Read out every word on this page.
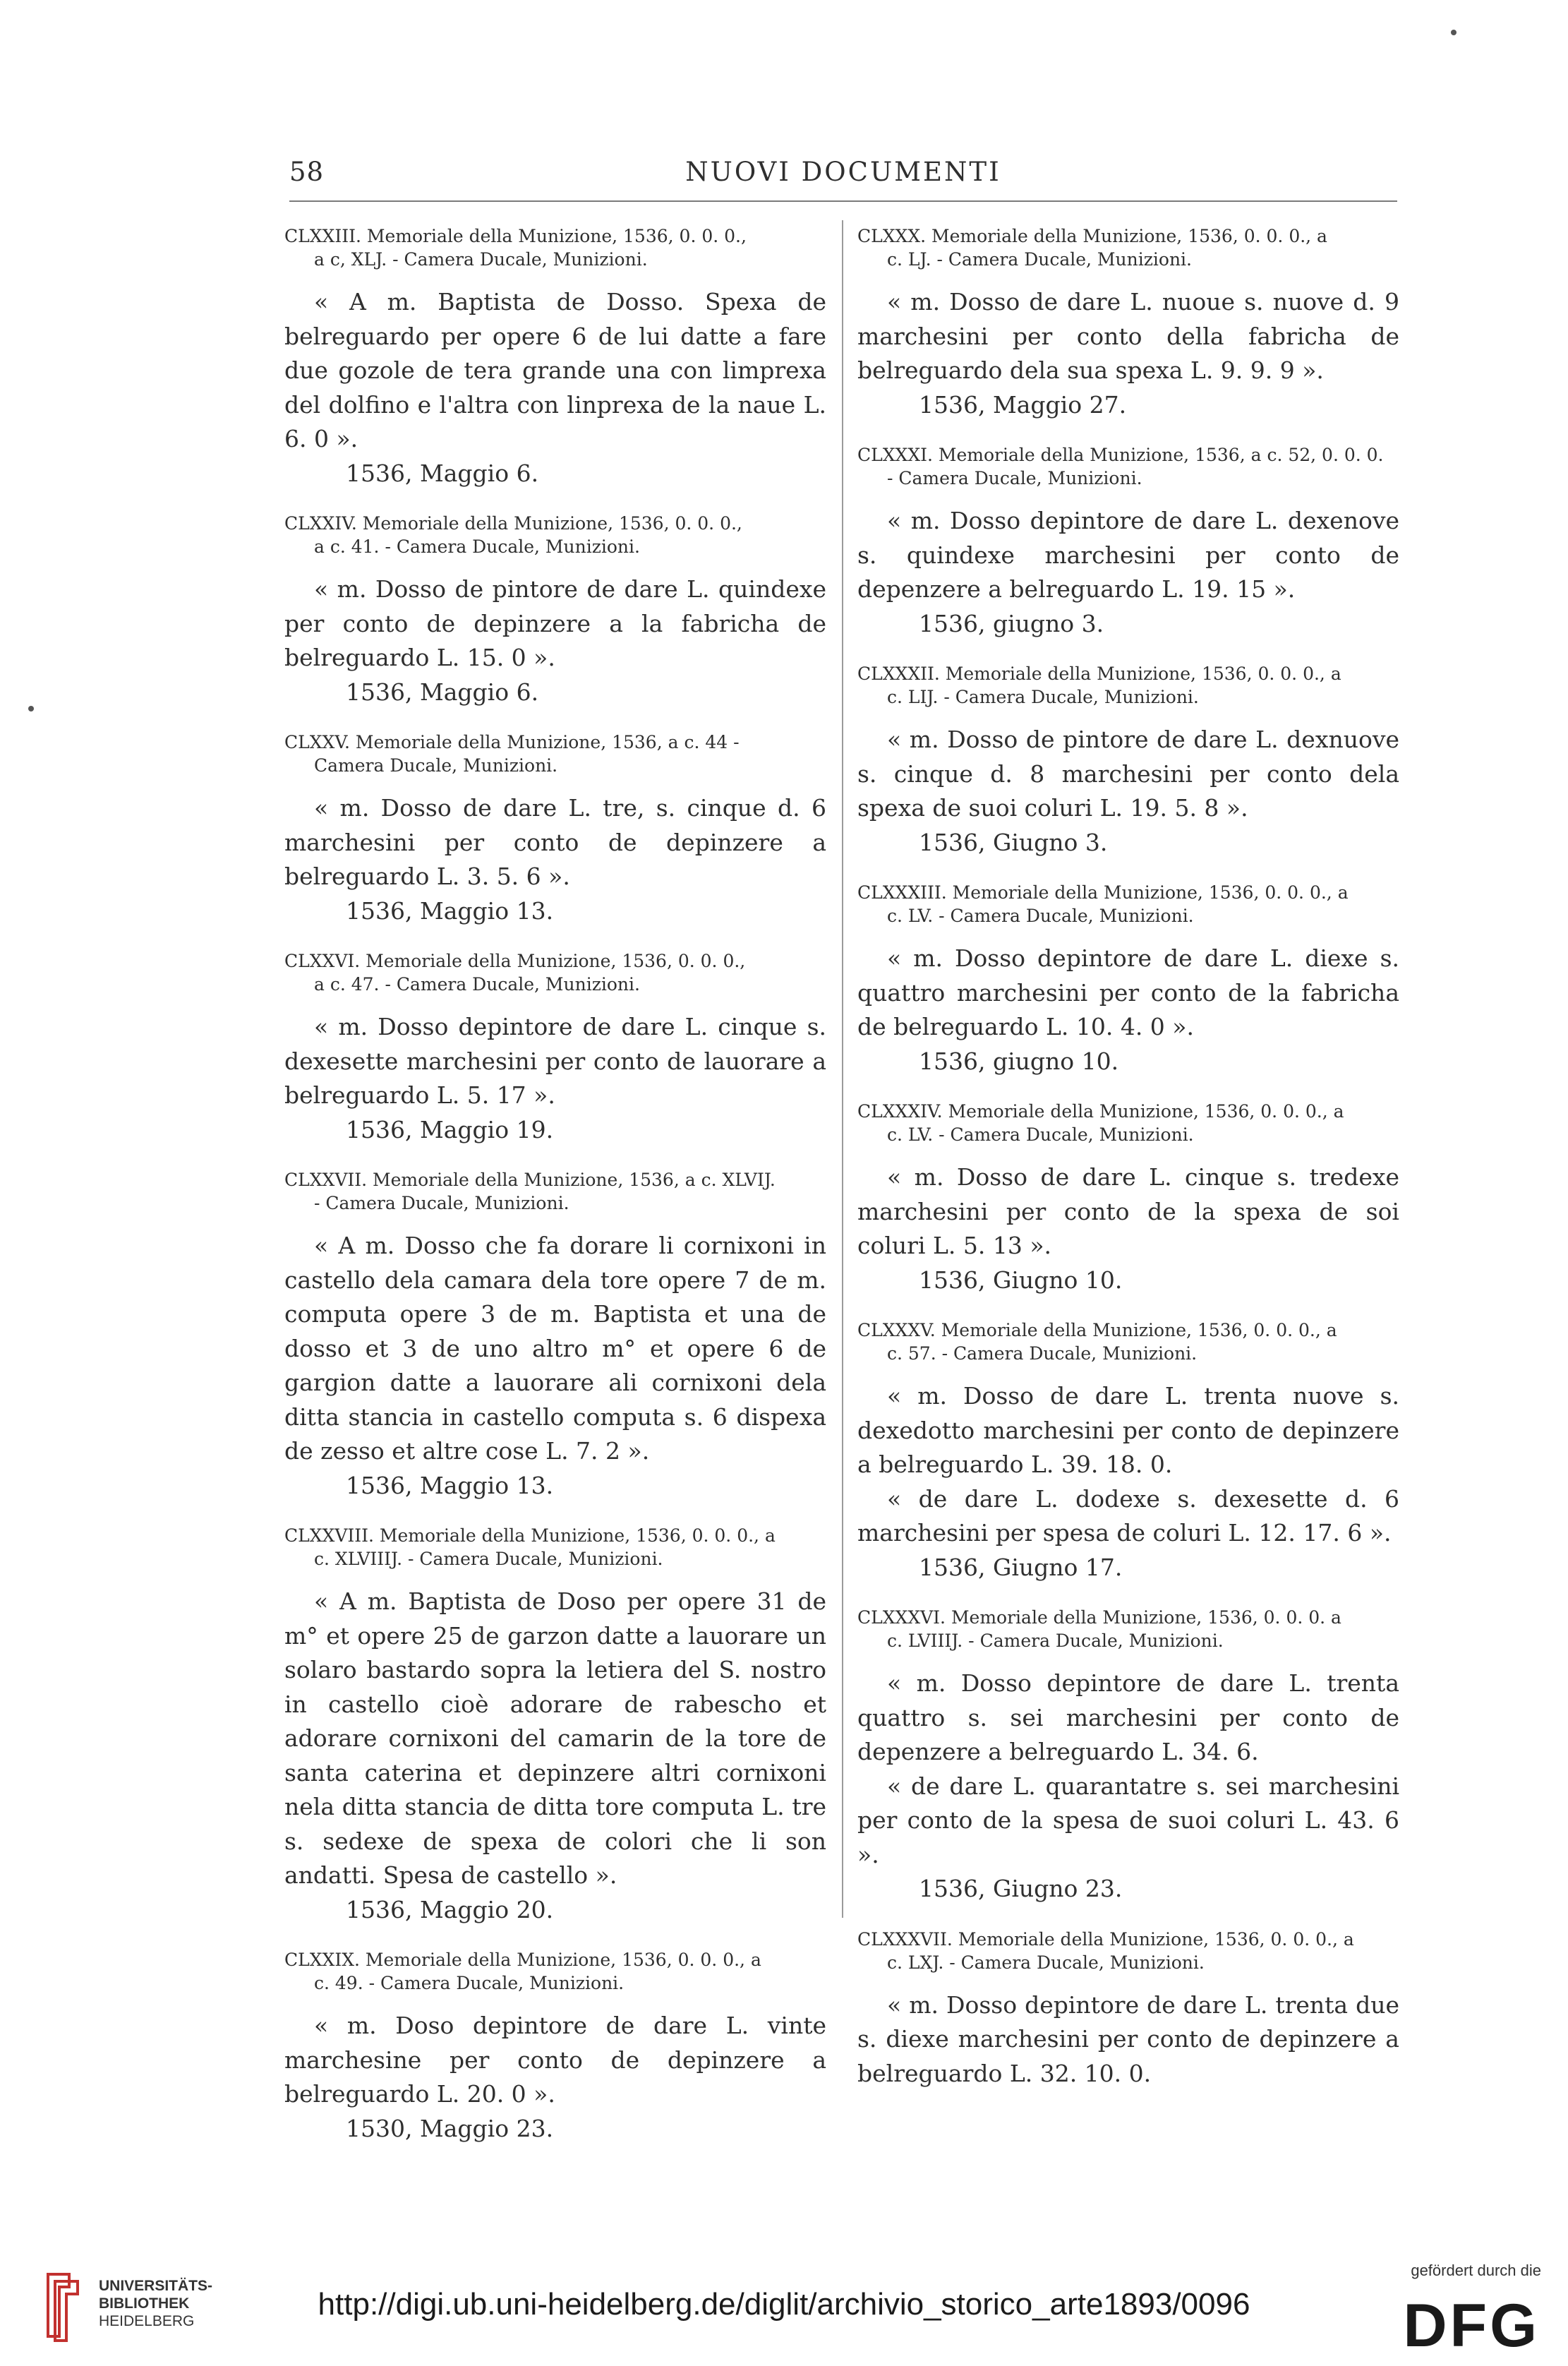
58	NUOVI DOCUMENTI
CLXXIII. Memoriale della Munizione, 1536, 0. 0. 0.,
a c, XLJ. - Camera Ducale, Munizioni.

« A m. Baptista de Dosso. Spexa de belreguardo per opere 6 de lui datte a fare due gozole de tera grande una con limprexa del dolfino e l'altra con linprexa de la naue L. 6. 0 ».

1536, Maggio 6.

CLXXIV. Memoriale della Munizione, 1536, 0. 0. 0.,
a c. 41. - Camera Ducale, Munizioni.

« m. Dosso de pintore de dare L. quindexe per conto de depinzere a la fabricha de belreguardo L. 15. 0 ».

1536, Maggio 6.

CLXXV. Memoriale della Munizione, 1536, a c. 44 -
Camera Ducale, Munizioni.

« m. Dosso de dare L. tre, s. cinque d. 6 marchesini per conto de depinzere a belreguardo L. 3. 5. 6 ».

1536, Maggio 13.

CLXXVI. Memoriale della Munizione, 1536, 0. 0. 0.,
a c. 47. - Camera Ducale, Munizioni.

« m. Dosso depintore de dare L. cinque s. dexesette marchesini per conto de lauorare a belreguardo L. 5. 17 ».

1536, Maggio 19.

CLXXVII. Memoriale della Munizione, 1536, a c. XLVIJ.
- Camera Ducale, Munizioni.

« A m. Dosso che fa dorare li cornixoni in castello dela camara dela tore opere 7 de m. computa opere 3 de m. Baptista et una de dosso et 3 de uno altro m° et opere 6 de gargion datte a lauorare ali cornixoni dela ditta stancia in castello computa s. 6 dispexa de zesso et altre cose L. 7. 2 ».

1536, Maggio 13.

CLXXVIII. Memoriale della Munizione, 1536, 0. 0. 0., a
c. XLVIIIJ. - Camera Ducale, Munizioni.

« A m. Baptista de Doso per opere 31 de m° et opere 25 de garzon datte a lauorare un solaro bastardo sopra la letiera del S. nostro in castello cioè adorare de rabescho et adorare cornixoni del camarin de la tore de santa caterina et depinzere altri cornixoni nela ditta stancia de ditta tore computa L. tre s. sedexe de spexa de colori che li son andatti. Spesa de castello ».

1536, Maggio 20.

CLXXIX. Memoriale della Munizione, 1536, 0. 0. 0., a
c. 49. - Camera Ducale, Munizioni.

« m. Doso depintore de dare L. vinte marchesine per conto de depinzere a belreguardo L. 20. 0 ».

1530, Maggio 23.

CLXXX. Memoriale della Munizione, 1536, 0. 0. 0., a
c. LJ. - Camera Ducale, Munizioni.

« m. Dosso de dare L. nuoue s. nuove d. 9 marchesini per conto della fabricha de belreguardo dela sua spexa L. 9. 9. 9 ».

1536, Maggio 27.

CLXXXI. Memoriale della Munizione, 1536, a c. 52, 0. 0. 0.
- Camera Ducale, Munizioni.

« m. Dosso depintore de dare L. dexenove s. quindexe marchesini per conto de depenzere a belreguardo L. 19. 15 ».

1536, giugno 3.

CLXXXII. Memoriale della Munizione, 1536, 0. 0. 0., a
c. LIJ. - Camera Ducale, Munizioni.

« m. Dosso de pintore de dare L. dexnuove s. cinque d. 8 marchesini per conto dela spexa de suoi coluri L. 19. 5. 8 ».

1536, Giugno 3.

CLXXXIII. Memoriale della Munizione, 1536, 0. 0. 0., a
c. LV. - Camera Ducale, Munizioni.

« m. Dosso depintore de dare L. diexe s. quattro marchesini per conto de la fabricha de belreguardo L. 10. 4. 0 ».

1536, giugno 10.

CLXXXIV. Memoriale della Munizione, 1536, 0. 0. 0., a
c. LV. - Camera Ducale, Munizioni.

« m. Dosso de dare L. cinque s. tredexe marchesini per conto de la spexa de soi coluri L. 5. 13 ».

1536, Giugno 10.

CLXXXV. Memoriale della Munizione, 1536, 0. 0. 0., a
c. 57. - Camera Ducale, Munizioni.

« m. Dosso de dare L. trenta nuove s. dexedotto marchesini per conto de depinzere a belreguardo L. 39. 18. 0.

« de dare L. dodexe s. dexesette d. 6 marchesini per spesa de coluri L. 12. 17. 6 ».

1536, Giugno 17.

CLXXXVI. Memoriale della Munizione, 1536, 0. 0. 0. a
c. LVIIIJ. - Camera Ducale, Munizioni.

« m. Dosso depintore de dare L. trenta quattro s. sei marchesini per conto de depenzere a belreguardo L. 34. 6.

« de dare L. quarantatre s. sei marchesini per conto de la spesa de suoi coluri L. 43. 6 ».

1536, Giugno 23.

CLXXXVII. Memoriale della Munizione, 1536, 0. 0. 0., a
c. LXJ. - Camera Ducale, Munizioni.

« m. Dosso depintore de dare L. trenta due s. diexe marchesini per conto de depinzere a belreguardo L. 32. 10. 0.

UNIVERSITÄTS-
BIBLIOTHEK
HEIDELBERG	http://digi.ub.uni-heidelberg.de/diglit/archivio_storico_arte1893/0096
gefördert durch die
DFG
